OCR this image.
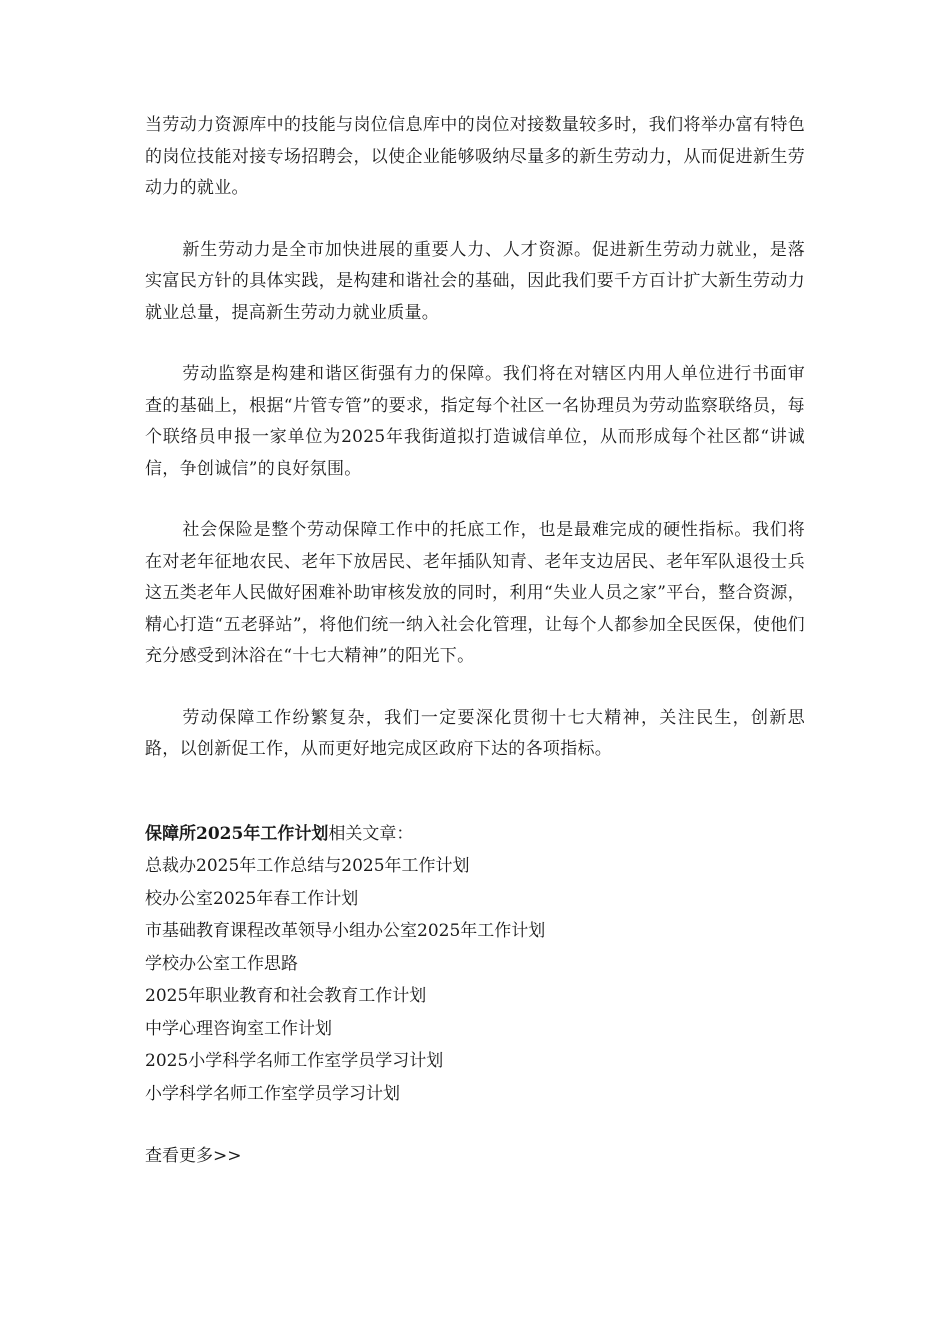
当劳动力资源库中的技能与岗位信息库中的岗位对接数量较多时，我们将举办富有特色的岗位技能对接专场招聘会，以使企业能够吸纳尽量多的新生劳动力，从而促进新生劳动力的就业。

新生劳动力是全市加快进展的重要人力、人才资源。促进新生劳动力就业，是落实富民方针的具体实践，是构建和谐社会的基础，因此我们要千方百计扩大新生劳动力就业总量，提高新生劳动力就业质量。

劳动监察是构建和谐区街强有力的保障。我们将在对辖区内用人单位进行书面审查的基础上，根据“片管专管”的要求，指定每个社区一名协理员为劳动监察联络员，每个联络员申报一家单位为2025年我街道拟打造诚信单位，从而形成每个社区都“讲诚信，争创诚信”的良好氛围。

社会保险是整个劳动保障工作中的托底工作，也是最难完成的硬性指标。我们将在对老年征地农民、老年下放居民、老年插队知青、老年支边居民、老年军队退役士兵这五类老年人民做好困难补助审核发放的同时，利用“失业人员之家”平台，整合资源，精心打造“五老驿站”，将他们统一纳入社会化管理，让每个人都参加全民医保，使他们充分感受到沐浴在“十七大精神”的阳光下。

劳动保障工作纷繁复杂，我们一定要深化贯彻十七大精神，关注民生，创新思路，以创新促工作，从而更好地完成区政府下达的各项指标。

保障所2025年工作计划相关文章：

总裁办2025年工作总结与2025年工作计划
校办公室2025年春工作计划
市基础教育课程改革领导小组办公室2025年工作计划
学校办公室工作思路
2025年职业教育和社会教育工作计划
中学心理咨询室工作计划
2025小学科学名师工作室学员学习计划
小学科学名师工作室学员学习计划
查看更多>>
